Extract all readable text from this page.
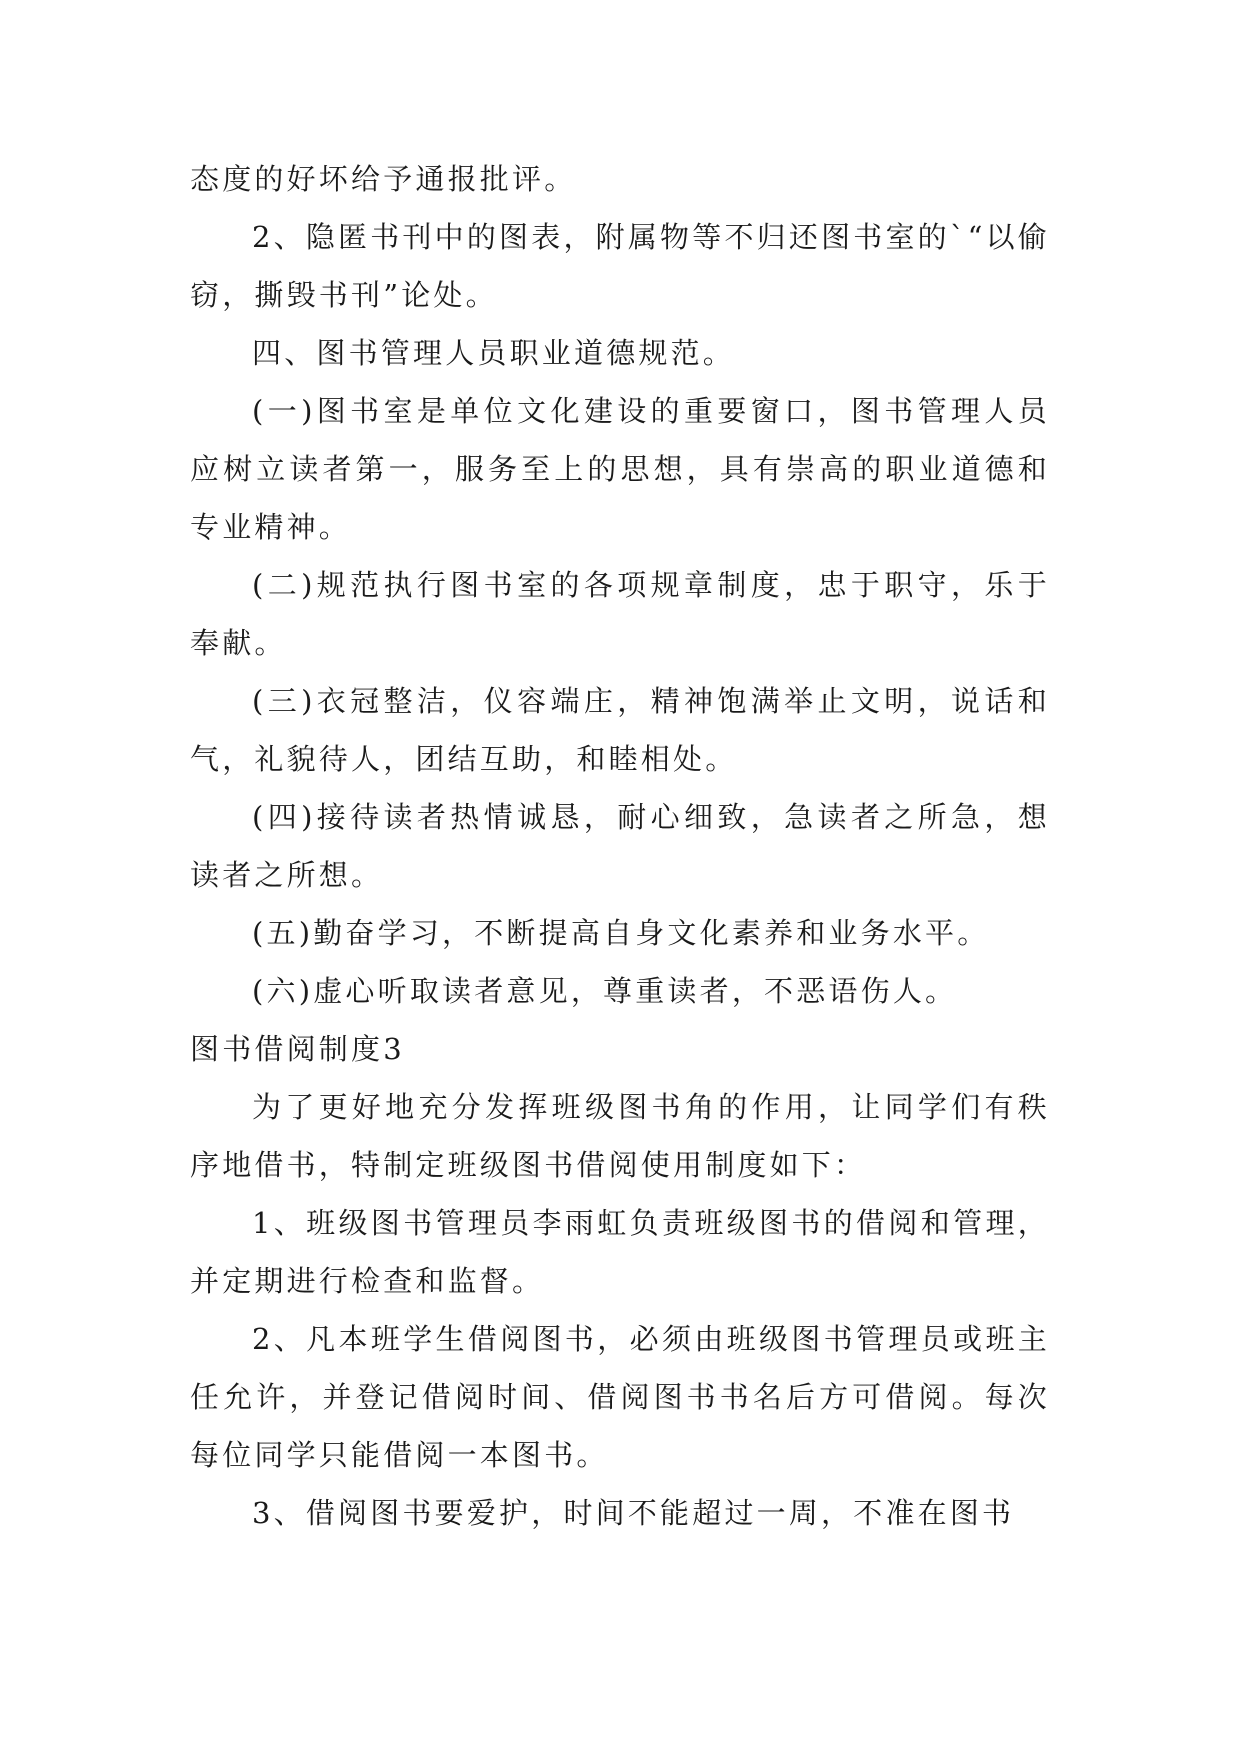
态度的好坏给予通报批评。

2、隐匿书刊中的图表，附属物等不归还图书室的`“以偷窃，撕毁书刊”论处。

四、图书管理人员职业道德规范。

(一)图书室是单位文化建设的重要窗口，图书管理人员应树立读者第一，服务至上的思想，具有崇高的职业道德和专业精神。

(二)规范执行图书室的各项规章制度，忠于职守，乐于奉献。

(三)衣冠整洁，仪容端庄，精神饱满举止文明，说话和气，礼貌待人，团结互助，和睦相处。

(四)接待读者热情诚恳，耐心细致，急读者之所急，想读者之所想。

(五)勤奋学习，不断提高自身文化素养和业务水平。

(六)虚心听取读者意见，尊重读者，不恶语伤人。

图书借阅制度3

为了更好地充分发挥班级图书角的作用，让同学们有秩序地借书，特制定班级图书借阅使用制度如下：

1、班级图书管理员李雨虹负责班级图书的借阅和管理，并定期进行检查和监督。

2、凡本班学生借阅图书，必须由班级图书管理员或班主任允许，并登记借阅时间、借阅图书书名后方可借阅。每次每位同学只能借阅一本图书。

3、借阅图书要爱护，时间不能超过一周，不准在图书
